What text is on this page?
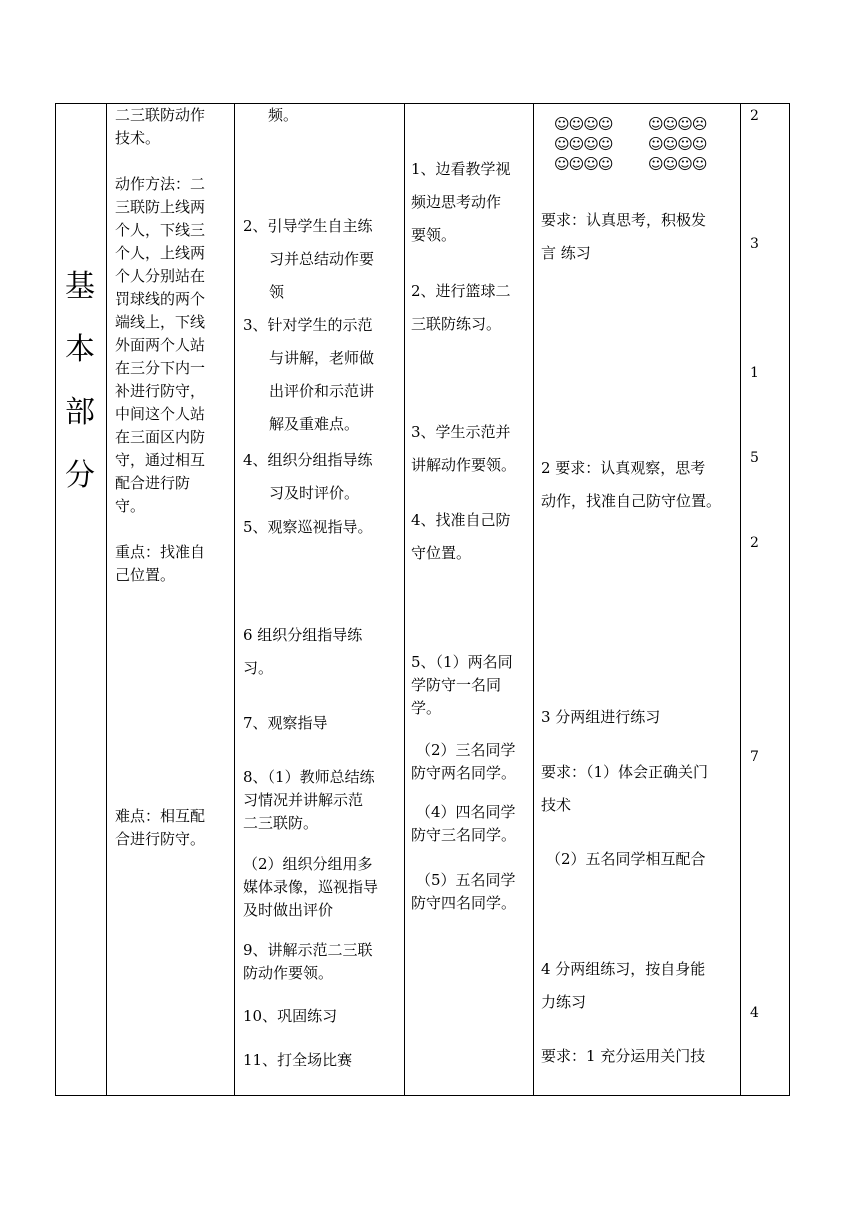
基
本
部
分
二三联防动作
技术。
动作方法：二
三联防上线两
个人，下线三
个人，上线两
个人分别站在
罚球线的两个
端线上，下线
外面两个人站
在三分下内一
补进行防守，
中间这个人站
在三面区内防
守，通过相互
配合进行防
守。
重点：找准自
己位置。
难点：相互配
合进行防守。
频。
2、引导学生自主练
习并总结动作要
领
3、针对学生的示范
与讲解，老师做
出评价和示范讲
解及重难点。
4、组织分组指导练
习及时评价。
5、观察巡视指导。
6 组织分组指导练
习。
7、观察指导
8、（1）教师总结练
习情况并讲解示范
二三联防。
（2）组织分组用多
媒体录像，巡视指导
及时做出评价
9、讲解示范二三联
防动作要领。
10、巩固练习
11、打全场比赛
1、边看教学视
频边思考动作
要领。
2、进行篮球二
三联防练习。
3、学生示范并
讲解动作要领。
4、找准自己防
守位置。
5、（1）两名同
学防守一名同
学。
（2）三名同学
防守两名同学。
（4）四名同学
防守三名同学。
（5）五名同学
防守四名同学。
☺☺☺☺
☺☺☺☺
☺☺☺☺
☺☺☺☹
☺☺☺☺
☺☺☺☺
要求：认真思考，积极发
言 练习
2 要求：认真观察，思考
动作，找准自己防守位置。
3 分两组进行练习
要求：（1）体会正确关门
技术
（2）五名同学相互配合
4 分两组练习，按自身能
力练习
要求：1 充分运用关门技
2
3
1
5
2
7
4
